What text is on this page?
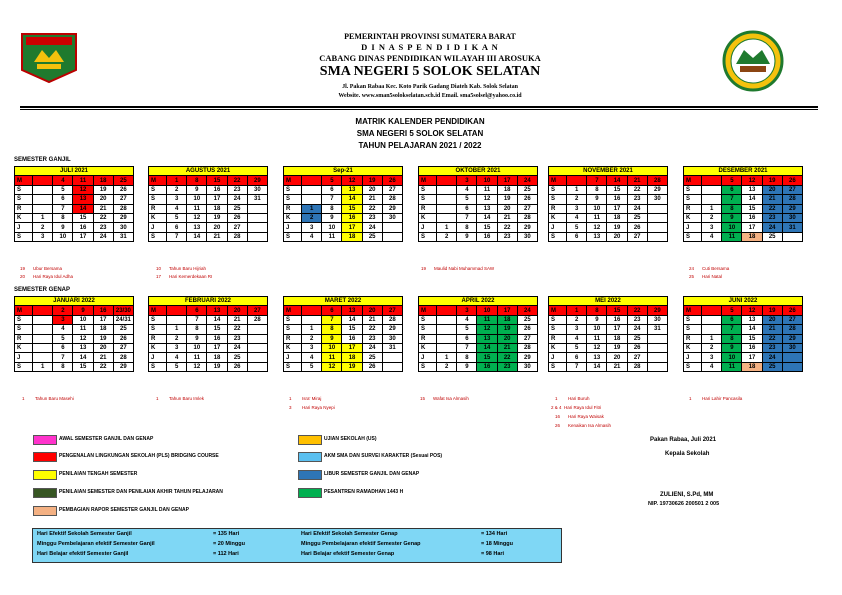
PEMERINTAH PROVINSI SUMATERA BARAT
D I N A S P E N D I D I K A N
CABANG DINAS PENDIDIKAN WILAYAH III AROSUKA
SMA NEGERI 5 SOLOK SELATAN
Jl. Pakan Rabaa Kec. Koto Parik Gadang Diateh Kab. Solok Selatan
Website. www.sman5solokselatan.sch.id Email. sma5solsel@yahoo.co.id
MATRIK KALENDER PENDIDIKAN
SMA NEGERI 5 SOLOK SELATAN
TAHUN PELAJARAN 2021 / 2022
SEMESTER GANJIL
SEMESTER GENAP
JULI 2021					
M		4	11	18	25
S		5	12	19	26
S		6	13	20	27
R		7	14	21	28
K	1	8	15	22	29
J	2	9	16	23	30
S	3	10	17	24	31
AGUSTUS 2021					
M	1	8	15	22	29
S	2	9	16	23	30
S	3	10	17	24	31
R	4	11	18	25	
K	5	12	19	26	
J	6	13	20	27	
S	7	14	21	28	
Sep-21					
M		5	12	19	26
S		6	13	20	27
S		7	14	21	28
R	1	8	15	22	29
K	2	9	16	23	30
J	3	10	17	24	
S	4	11	18	25	
OKTOBER 2021					
M		3	10	17	24
S		4	11	18	25
S		5	12	19	26
R		6	13	20	27
K		7	14	21	28
J	1	8	15	22	29
S	2	9	16	23	30
NOVEMBER 2021					
M		7	14	21	28
S	1	8	15	22	29
S	2	9	16	23	30
R	3	10	17	24	
K	4	11	18	25	
J	5	12	19	26	
S	6	13	20	27	
DESEMBER 2021					
M		5	12	19	26
S		6	13	20	27
S		7	14	21	28
R	1	8	15	22	29
K	2	9	16	23	30
J	3	10	17	24	31
S	4	11	18	25	
JANUARI 2022					
M		2	9	16	23/30
S		3	10	17	24/31
S		4	11	18	25
R		5	12	19	26
K		6	13	20	27
J		7	14	21	28
S	1	8	15	22	29
FEBRUARI 2022					
M		6	13	20	27
S		7	14	21	28
S	1	8	15	22	
R	2	9	16	23	
K	3	10	17	24	
J	4	11	18	25	
S	5	12	19	26	
MARET 2022					
M		6	13	20	27
S		7	14	21	28
S	1	8	15	22	29
R	2	9	16	23	30
K	3	10	17	24	31
J	4	11	18	25	
S	5	12	19	26	
APRIL 2022					
M		3	10	17	24
S		4	11	18	25
S		5	12	19	26
R		6	13	20	27
K		7	14	21	28
J	1	8	15	22	29
S	2	9	16	23	30
MEI 2022					
M	1	8	15	22	29
S	2	9	16	23	30
S	3	10	17	24	31
R	4	11	18	25	
K	5	12	19	26	
J	6	13	20	27	
S	7	14	21	28	
JUNI 2022					
M		5	12	19	26
S		6	13	20	27
S		7	14	21	28
R	1	8	15	22	29
K	2	9	16	23	30
J	3	10	17	24	
S	4	11	18	25	
19 Ubur Bersama
20 Hari Raya Idul Adha
10 Tahun Baru Hijriah
17 Hari Kemerdekaan RI
19 Maulid Nabi Muhammad SAW	24 Cuti Bersama
25 Hari Natal
1 Tahun Baru Masehi	1 Tahun Baru Imlek	1 Isra' Miraj
3 Hari Raya Nyepi
15 Wafat Isa Almasih	1 Hari Buruh
2 & 4 Hari Raya Idul Fitri
16 Hari Raya Waisak
26 Kenaikan Isa Almasih
1 Hari Lahir Pancasila
AWAL SEMESTER GANJIL DAN GENAP
PENGENALAN LINGKUNGAN SEKOLAH (PLS) BRIDGING COURSE
PENILAIAN TENGAH SEMESTER
PENILAIAN SEMESTER DAN PENILAIAN AKHIR TAHUN PELAJARAN
PEMBAGIAN RAPOR SEMESTER GANJIL DAN GENAP
UJIAN SEKOLAH (US)
AKM SMA DAN SURVEI KARAKTER (Sesuai POS)
LIBUR SEMESTER GANJIL DAN GENAP
PESANTREN RAMADHAN 1443 H
Pakan Rabaa, Juli 2021
Kepala Sekolah
ZULIENI, S.Pd, MM
NIP. 19730626 200501 2 005
Hari Efektif Sekolah Semester Ganjil	= 135 Hari
Minggu Pembelajaran efektif Semester Ganjil	= 20 Minggu
Hari Belajar efektif Semester Ganjil	= 112 Hari
Hari Efektif Sekolah Semester Genap	= 134 Hari
Minggu Pembelajaran efektif Semester Genap	= 18 Minggu
Hari Belajar efektif Semester Genap	= 98 Hari
